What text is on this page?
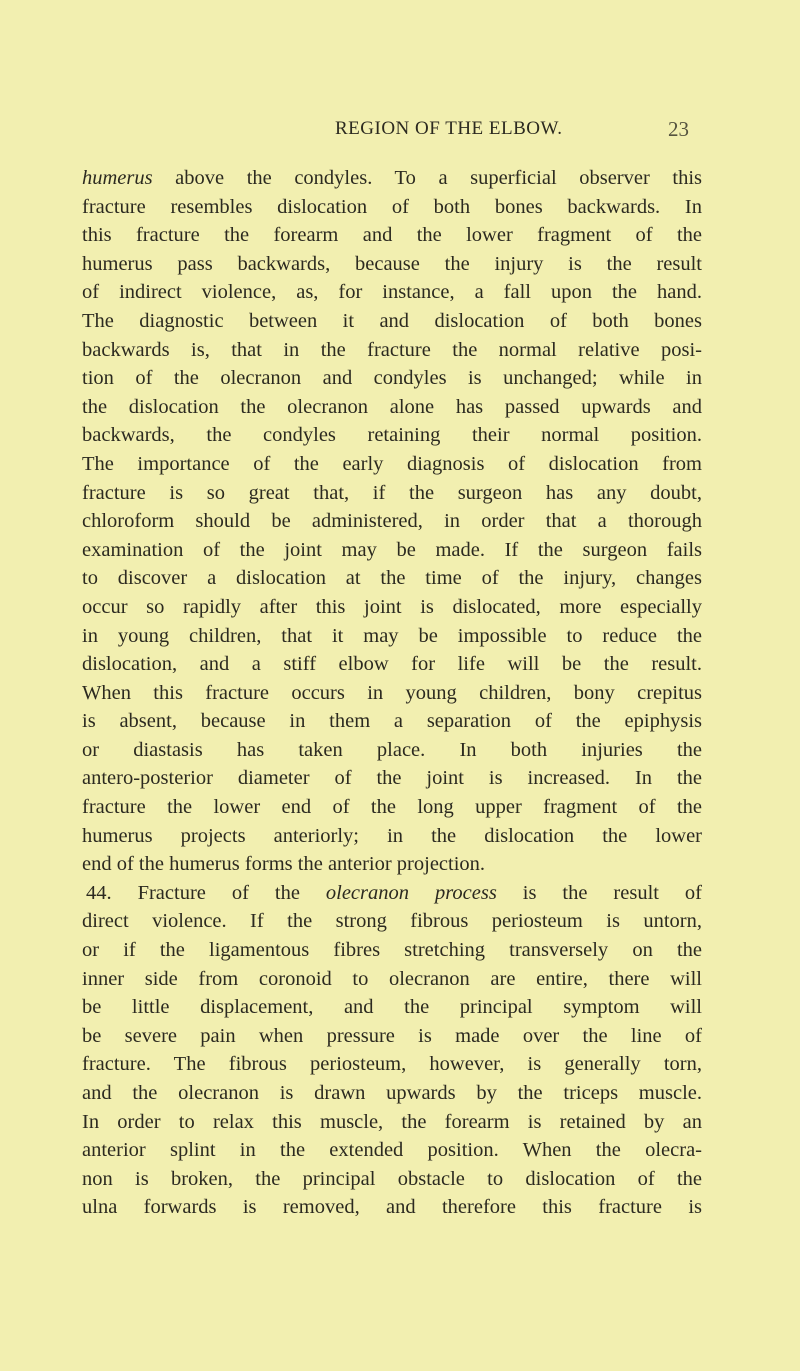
REGION OF THE ELBOW.	23
humerus above the condyles. To a superficial observer this
fracture resembles dislocation of both bones backwards. In
this fracture the forearm and the lower fragment of the
humerus pass backwards, because the injury is the result
of indirect violence, as, for instance, a fall upon the hand.
The diagnostic between it and dislocation of both bones
backwards is, that in the fracture the normal relative posi-
tion of the olecranon and condyles is unchanged; while in
the dislocation the olecranon alone has passed upwards and
backwards, the condyles retaining their normal position.
The importance of the early diagnosis of dislocation from
fracture is so great that, if the surgeon has any doubt,
chloroform should be administered, in order that a thorough
examination of the joint may be made. If the surgeon fails
to discover a dislocation at the time of the injury, changes
occur so rapidly after this joint is dislocated, more especially
in young children, that it may be impossible to reduce the
dislocation, and a stiff elbow for life will be the result.
When this fracture occurs in young children, bony crepitus
is absent, because in them a separation of the epiphysis
or diastasis has taken place. In both injuries the
antero-posterior diameter of the joint is increased. In the
fracture the lower end of the long upper fragment of the
humerus projects anteriorly; in the dislocation the lower
end of the humerus forms the anterior projection.
44. Fracture of the olecranon process is the result of
direct violence. If the strong fibrous periosteum is untorn,
or if the ligamentous fibres stretching transversely on the
inner side from coronoid to olecranon are entire, there will
be little displacement, and the principal symptom will
be severe pain when pressure is made over the line of
fracture. The fibrous periosteum, however, is generally torn,
and the olecranon is drawn upwards by the triceps muscle.
In order to relax this muscle, the forearm is retained by an
anterior splint in the extended position. When the olecra-
non is broken, the principal obstacle to dislocation of the
ulna forwards is removed, and therefore this fracture is
